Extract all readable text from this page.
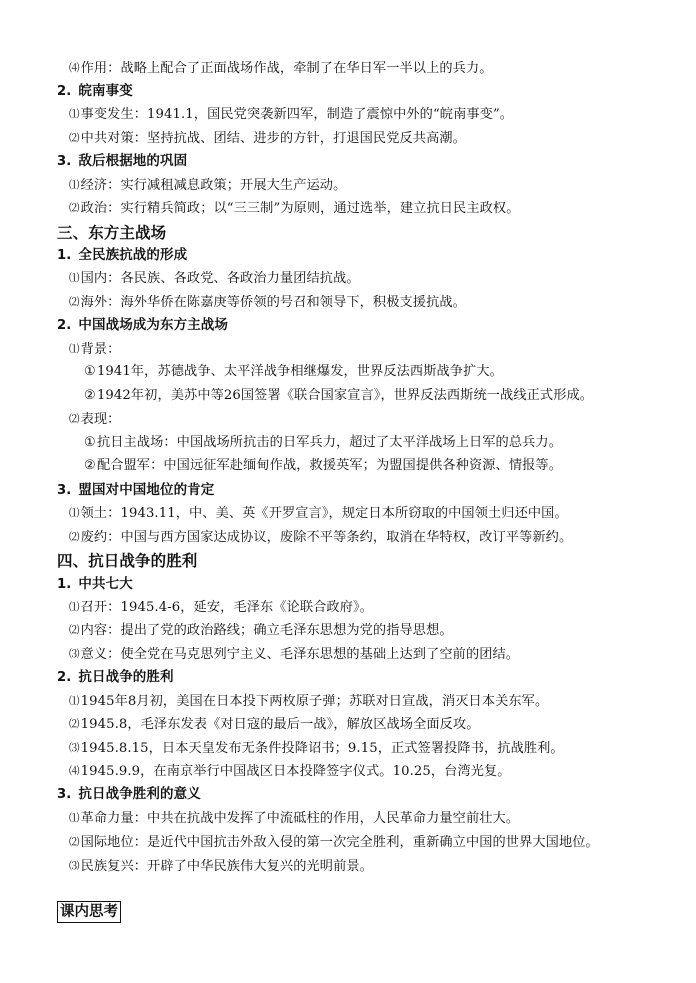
⑷作用：战略上配合了正面战场作战，牵制了在华日军一半以上的兵力。
2. 皖南事变
⑴事变发生：1941.1，国民党突袭新四军，制造了震惊中外的“皖南事变”。
⑵中共对策：坚持抗战、团结、进步的方针，打退国民党反共高潮。
3. 敌后根据地的巩固
⑴经济：实行减租减息政策；开展大生产运动。
⑵政治：实行精兵简政；以“三三制”为原则，通过选举，建立抗日民主政权。
三、东方主战场
1. 全民族抗战的形成
⑴国内：各民族、各政党、各政治力量团结抗战。
⑵海外：海外华侨在陈嘉庚等侨领的号召和领导下，积极支援抗战。
2. 中国战场成为东方主战场
⑴背景：
①1941年，苏德战争、太平洋战争相继爆发，世界反法西斯战争扩大。
②1942年初，美苏中等26国签署《联合国家宣言》，世界反法西斯统一战线正式形成。
⑵表现：
①抗日主战场：中国战场所抗击的日军兵力，超过了太平洋战场上日军的总兵力。
②配合盟军：中国远征军赴缅甸作战，救援英军；为盟国提供各种资源、情报等。
3. 盟国对中国地位的肯定
⑴领土：1943.11，中、美、英《开罗宣言》，规定日本所窃取的中国领土归还中国。
⑵废约：中国与西方国家达成协议，废除不平等条约，取消在华特权，改订平等新约。
四、抗日战争的胜利
1. 中共七大
⑴召开：1945.4-6，延安，毛泽东《论联合政府》。
⑵内容：提出了党的政治路线；确立毛泽东思想为党的指导思想。
⑶意义：使全党在马克思列宁主义、毛泽东思想的基础上达到了空前的团结。
2. 抗日战争的胜利
⑴1945年8月初，美国在日本投下两枚原子弹；苏联对日宣战，消灭日本关东军。
⑵1945.8，毛泽东发表《对日寇的最后一战》，解放区战场全面反攻。
⑶1945.8.15，日本天皇发布无条件投降诏书；9.15，正式签署投降书，抗战胜利。
⑷1945.9.9，在南京举行中国战区日本投降签字仪式。10.25，台湾光复。
3. 抗日战争胜利的意义
⑴革命力量：中共在抗战中发挥了中流砥柱的作用，人民革命力量空前壮大。
⑵国际地位：是近代中国抗击外敌入侵的第一次完全胜利，重新确立中国的世界大国地位。
⑶民族复兴：开辟了中华民族伟大复兴的光明前景。
课内思考
